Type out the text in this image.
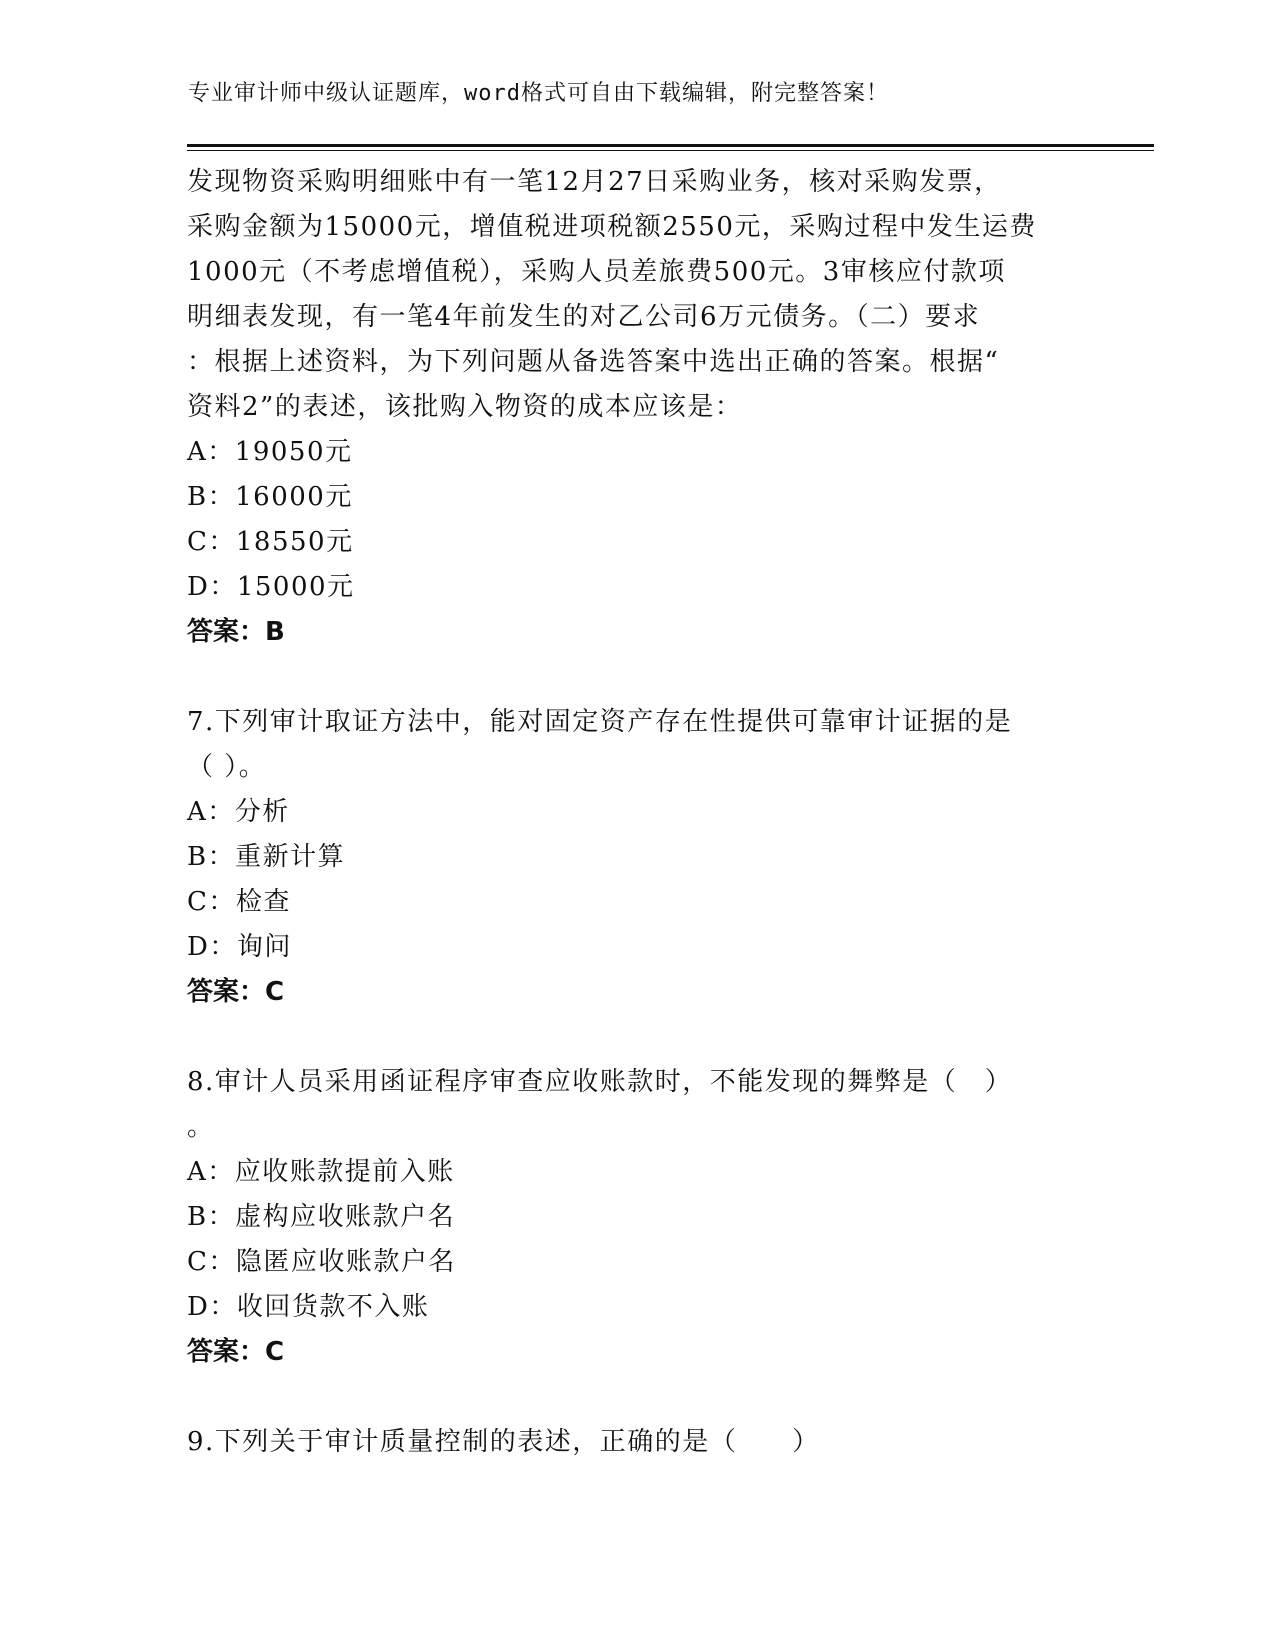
专业审计师中级认证题库，word格式可自由下载编辑，附完整答案！
发现物资采购明细账中有一笔12月27日采购业务，核对采购发票，
采购金额为15000元，增值税进项税额2550元，采购过程中发生运费
1000元（不考虑增值税），采购人员差旅费500元。3审核应付款项
明细表发现，有一笔4年前发生的对乙公司6万元债务。（二）要求
：根据上述资料，为下列问题从备选答案中选出正确的答案。根据“
资料2”的表述，该批购入物资的成本应该是：
A：19050元
B：16000元
C：18550元
D：15000元
答案：B
7.下列审计取证方法中，能对固定资产存在性提供可靠审计证据的是
（ ）。
A：分析
B：重新计算
C：检查
D：询问
答案：C
8.审计人员采用函证程序审查应收账款时，不能发现的舞弊是（　）
。
A：应收账款提前入账
B：虚构应收账款户名
C：隐匿应收账款户名
D：收回货款不入账
答案：C
9.下列关于审计质量控制的表述，正确的是（　　）
